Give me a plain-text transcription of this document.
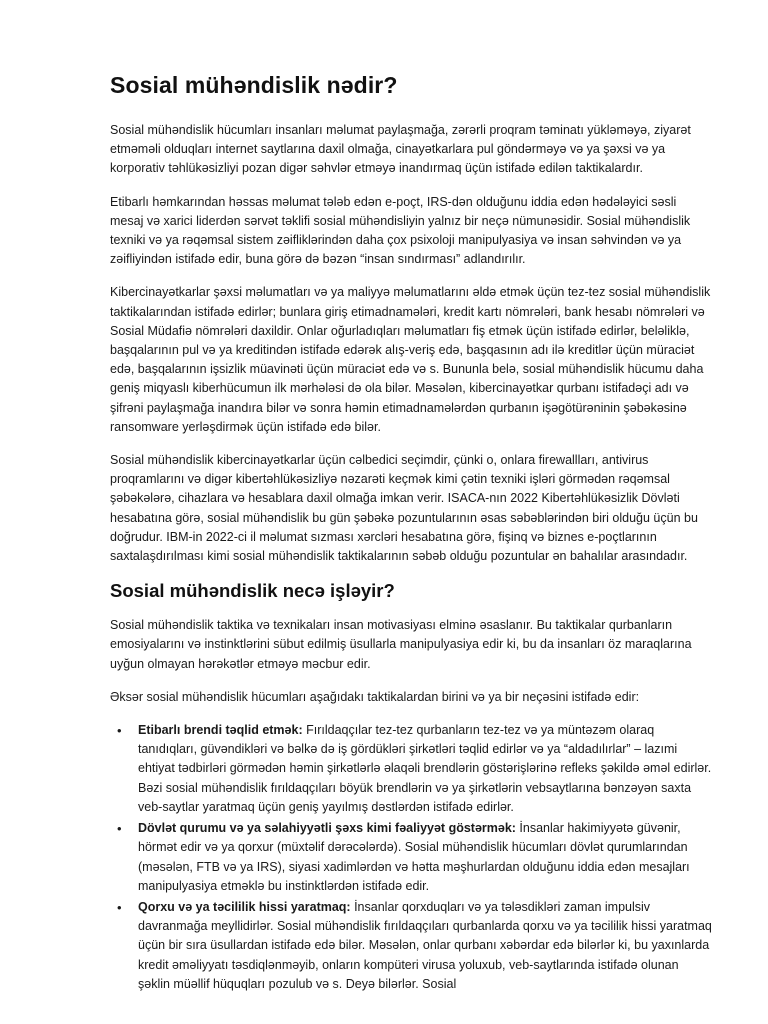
Sosial mühəndislik nədir?

Sosial mühəndislik hücumları insanları məlumat paylaşmağa, zərərli proqram təminatı yükləməyə, ziyarət etməməli olduqları internet saytlarına daxil olmağa, cinayətkarlara pul göndərməyə və ya şəxsi və ya korporativ təhlükəsizliyi pozan digər səhvlər etməyə inandırmaq üçün istifadə edilən taktikalardır.

Etibarlı həmkarından həssas məlumat tələb edən e-poçt, IRS-dən olduğunu iddia edən hədələyici səsli mesaj və xarici liderdən sərvət təklifi sosial mühəndisliyin yalnız bir neçə nümunəsidir. Sosial mühəndislik texniki və ya rəqəmsal sistem zəifliklərindən daha çox psixoloji manipulyasiya və insan səhvindən və ya zəifliyindən istifadə edir, buna görə də bəzən “insan sındırması” adlandırılır.

Kibercinayətkarlar şəxsi məlumatları və ya maliyyə məlumatlarını əldə etmək üçün tez-tez sosial mühəndislik taktikalarından istifadə edirlər; bunlara giriş etimadnamələri, kredit kartı nömrələri, bank hesabı nömrələri və Sosial Müdafiə nömrələri daxildir. Onlar oğurladıqları məlumatları fiş etmək üçün istifadə edirlər, beləliklə, başqalarının pul və ya kreditindən istifadə edərək alış-veriş edə, başqasının adı ilə kreditlər üçün müraciət edə, başqalarının işsizlik müavinəti üçün müraciət edə və s. Bununla belə, sosial mühəndislik hücumu daha geniş miqyaslı kiberhücumun ilk mərhələsi də ola bilər. Məsələn, kibercinayətkar qurbanı istifadəçi adı və şifrəni paylaşmağa inandıra bilər və sonra həmin etimadnamələrdən qurbanın işəgötürəninin şəbəkəsinə ransomware yerləşdirmək üçün istifadə edə bilər.

Sosial mühəndislik kibercinayətkarlar üçün cəlbedici seçimdir, çünki o, onlara firewallları, antivirus proqramlarını və digər kibertəhlükəsizliyə nəzarəti keçmək kimi çətin texniki işləri görmədən rəqəmsal şəbəkələrə, cihazlara və hesablara daxil olmağa imkan verir. ISACA-nın 2022 Kibertəhlükəsizlik Dövləti hesabatına görə, sosial mühəndislik bu gün şəbəkə pozuntularının əsas səbəblərindən biri olduğu üçün bu doğrudur. IBM-in 2022-ci il məlumat sızması xərcləri hesabatına görə, fişinq və biznes e-poçtlarının saxtalaşdırılması kimi sosial mühəndislik taktikalarının səbəb olduğu pozuntular ən bahalılar arasındadır.

Sosial mühəndislik necə işləyir?

Sosial mühəndislik taktika və texnikaları insan motivasiyası elminə əsaslanır. Bu taktikalar qurbanların emosiyalarını və instinktlərini sübut edilmiş üsullarla manipulyasiya edir ki, bu da insanları öz maraqlarına uyğun olmayan hərəkətlər etməyə məcbur edir.

Əksər sosial mühəndislik hücumları aşağıdakı taktikalardan birini və ya bir neçəsini istifadə edir:

• Etibarlı brendi təqlid etmək: Fırıldaqçılar tez-tez qurbanların tez-tez və ya müntəzəm olaraq tanıdıqları, güvəndikləri və bəlkə də iş gördükləri şirkətləri təqlid edirlər və ya “aldadılırlar” – lazımi ehtiyat tədbirləri görmədən həmin şirkətlərlə əlaqəli brendlərin göstərişlərinə refleks şəkildə əməl edirlər. Bəzi sosial mühəndislik fırıldaqçıları böyük brendlərin və ya şirkətlərin vebsaytlarına bənzəyən saxta veb-saytlar yaratmaq üçün geniş yayılmış dəstlərdən istifadə edirlər.
• Dövlət qurumu və ya səlahiyyətli şəxs kimi fəaliyyət göstərmək: İnsanlar hakimiyyətə güvənir, hörmət edir və ya qorxur (müxtəlif dərəcələrdə). Sosial mühəndislik hücumları dövlət qurumlarından (məsələn, FTB və ya IRS), siyasi xadimlərdən və hətta məşhurlardan olduğunu iddia edən mesajları manipulyasiya etməklə bu instinktlərdən istifadə edir.
• Qorxu və ya təcililik hissi yaratmaq: İnsanlar qorxduqları və ya tələsdikləri zaman impulsiv davranmağa meyllidirlər. Sosial mühəndislik fırıldaqçıları qurbanlarda qorxu və ya təcililik hissi yaratmaq üçün bir sıra üsullardan istifadə edə bilər. Məsələn, onlar qurbanı xəbərdar edə bilərlər ki, bu yaxınlarda kredit əməliyyatı təsdiqlənməyib, onların kompüteri virusa yoluxub, veb-saytlarında istifadə olunan şəklin müəllif hüquqları pozulub və s. Deyə bilərlər. Sosial
